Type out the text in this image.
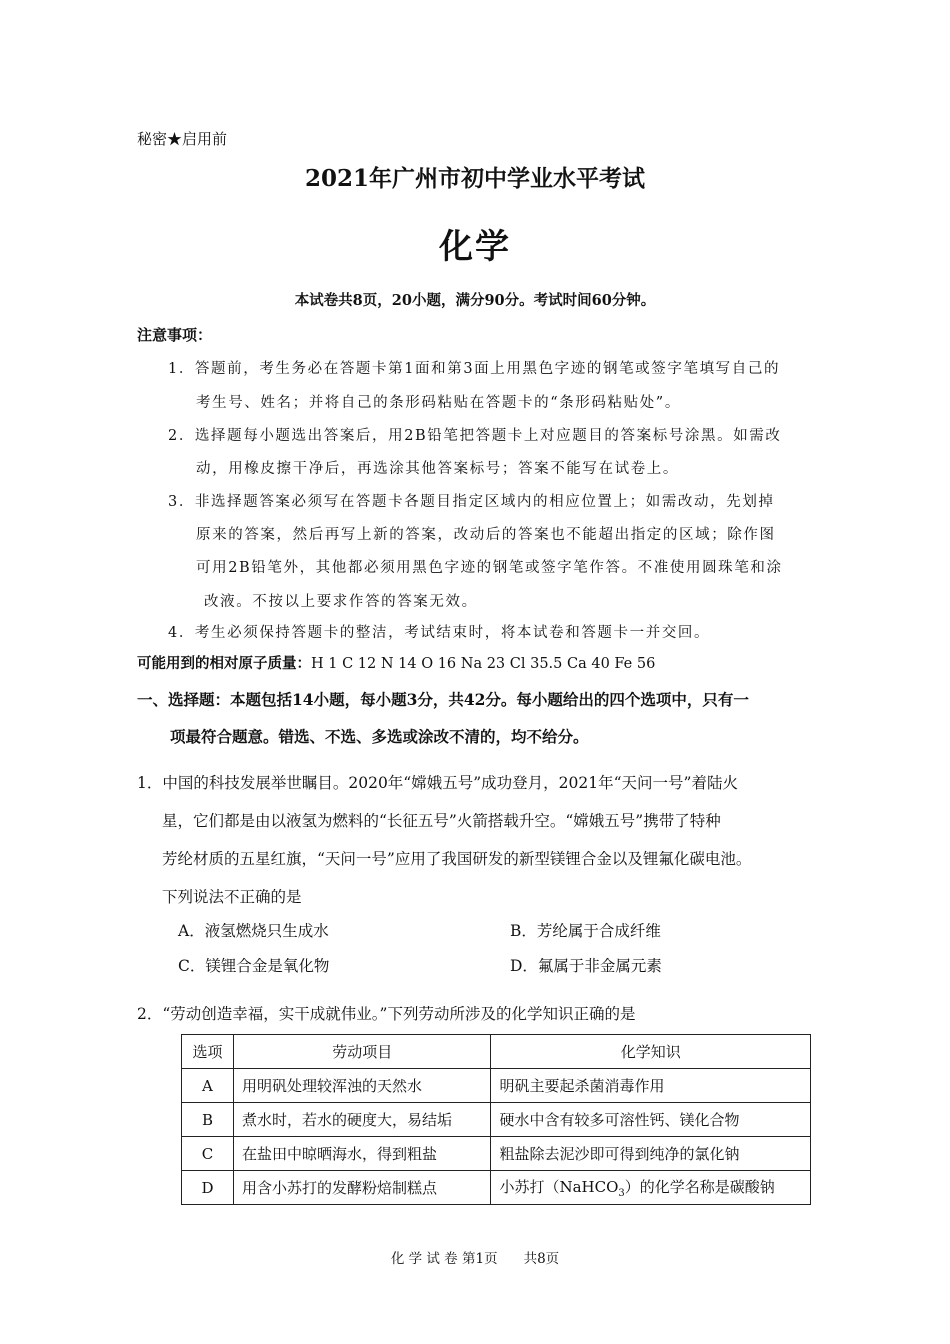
秘密★启用前
2021年广州市初中学业水平考试
化学
本试卷共8页，20小题，满分90分。考试时间60分钟。
注意事项：
1．答题前，考生务必在答题卡第1面和第3面上用黑色字迹的钢笔或签字笔填写自己的
考生号、姓名；并将自己的条形码粘贴在答题卡的“条形码粘贴处”。
2．选择题每小题选出答案后，用2B铅笔把答题卡上对应题目的答案标号涂黑。如需改
动，用橡皮擦干净后，再选涂其他答案标号；答案不能写在试卷上。
3．非选择题答案必须写在答题卡各题目指定区域内的相应位置上；如需改动，先划掉
原来的答案，然后再写上新的答案，改动后的答案也不能超出指定的区域；除作图
可用2B铅笔外，其他都必须用黑色字迹的钢笔或签字笔作答。不准使用圆珠笔和涂
改液。不按以上要求作答的答案无效。
4．考生必须保持答题卡的整洁，考试结束时，将本试卷和答题卡一并交回。
可能用到的相对原子质量：H 1 C 12 N 14 O 16 Na 23 Cl 35.5 Ca 40 Fe 56
一、选择题：本题包括14小题，每小题3分，共42分。每小题给出的四个选项中，只有一
项最符合题意。错选、不选、多选或涂改不清的，均不给分。
1．中国的科技发展举世瞩目。2020年“嫦娥五号”成功登月，2021年“天问一号”着陆火
星，它们都是由以液氢为燃料的“长征五号”火箭搭载升空。“嫦娥五号”携带了特种
芳纶材质的五星红旗，“天问一号”应用了我国研发的新型镁锂合金以及锂氟化碳电池。
下列说法不正确的是
A．液氢燃烧只生成水	B．芳纶属于合成纤维
C．镁锂合金是氧化物	D．氟属于非金属元素
2．“劳动创造幸福，实干成就伟业。”下列劳动所涉及的化学知识正确的是
选项	劳动项目	化学知识
A	用明矾处理较浑浊的天然水	明矾主要起杀菌消毒作用
B	煮水时，若水的硬度大，易结垢	硬水中含有较多可溶性钙、镁化合物
C	在盐田中晾晒海水，得到粗盐	粗盐除去泥沙即可得到纯净的氯化钠
D	用含小苏打的发酵粉焙制糕点	小苏打（NaHCO$_3$）的化学名称是碳酸钠
化 学 试 卷 第1页 共8页
